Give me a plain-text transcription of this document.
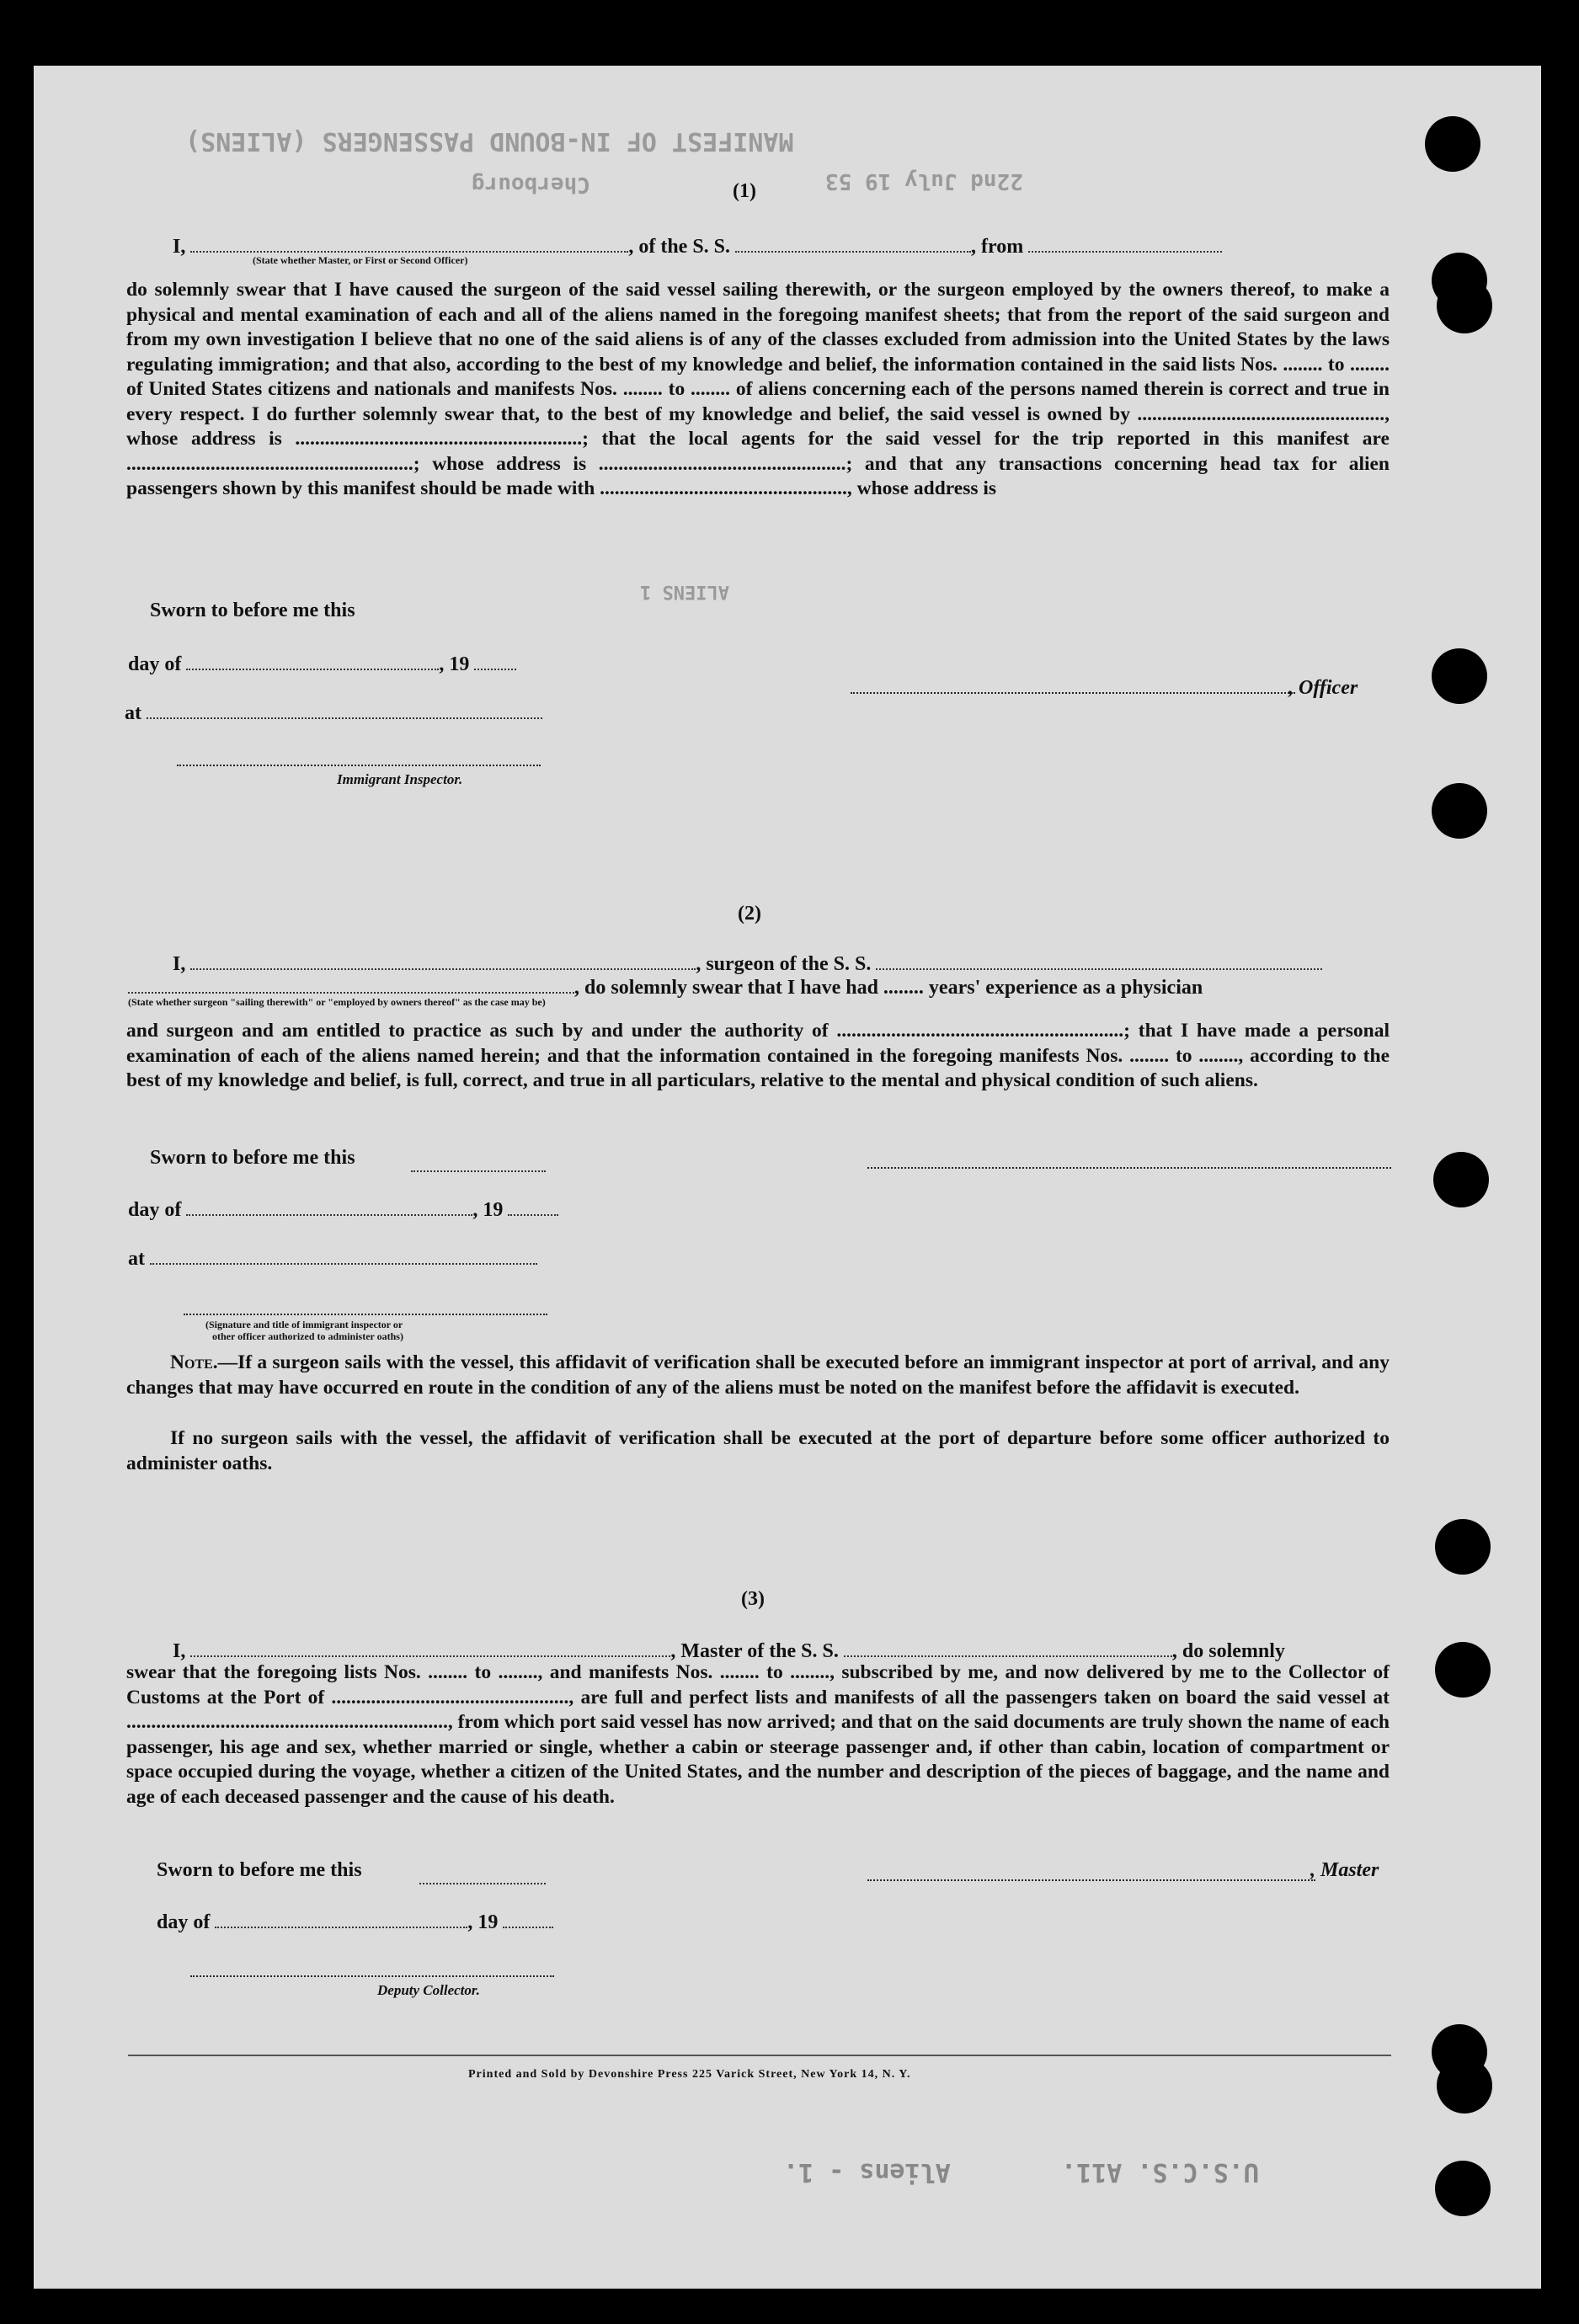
MANIFEST OF IN-BOUND PASSENGERS (ALIENS)
22nd July 19 53
Cherbourg
ALIENS 1
U.S.C.S. A11.
Aliens - 1.
(1)
I,	, of the S. S.	, from
(State whether Master, or First or Second Officer)
do solemnly swear that I have caused the surgeon of the said vessel sailing therewith, or the surgeon employed by the owners thereof, to make a physical and mental examination of each and all of the aliens named in the foregoing manifest sheets; that from the report of the said surgeon and from my own investigation I believe that no one of the said aliens is of any of the classes excluded from admission into the United States by the laws regulating immigration; and that also, according to the best of my knowledge and belief, the information contained in the said lists Nos. ........ to ........ of United States citizens and nationals and manifests Nos. ........ to ........ of aliens concerning each of the persons named therein is correct and true in every respect. I do further solemnly swear that, to the best of my knowledge and belief, the said vessel is owned by .................................................., whose address is ..........................................................; that the local agents for the said vessel for the trip reported in this manifest are ..........................................................; whose address is ..................................................; and that any transactions concerning head tax for alien passengers shown by this manifest should be made with .................................................., whose address is
Sworn to before me this
day of	, 19
at
, Officer
Immigrant Inspector.
(2)
I,	, surgeon of the S. S.
, do solemnly swear that I have had ........ years' experience as a physician
(State whether surgeon "sailing therewith" or "employed by owners thereof" as the case may be)
and surgeon and am entitled to practice as such by and under the authority of ..........................................................; that I have made a personal examination of each of the aliens named herein; and that the information contained in the foregoing manifests Nos. ........ to ........, according to the best of my knowledge and belief, is full, correct, and true in all particulars, relative to the mental and physical condition of such aliens.
Sworn to before me this
day of	, 19
at
(Signature and title of immigrant inspector or
other officer authorized to administer oaths)
Note.—If a surgeon sails with the vessel, this affidavit of verification shall be executed before an immigrant inspector at port of arrival, and any changes that may have occurred en route in the condition of any of the aliens must be noted on the manifest before the affidavit is executed.
If no surgeon sails with the vessel, the affidavit of verification shall be executed at the port of departure before some officer authorized to administer oaths.
(3)
I,	, Master of the S. S.	, do solemnly
swear that the foregoing lists Nos. ........ to ........, and manifests Nos. ........ to ........, subscribed by me, and now delivered by me to the Collector of Customs at the Port of ................................................, are full and perfect lists and manifests of all the passengers taken on board the said vessel at ................................................................., from which port said vessel has now arrived; and that on the said documents are truly shown the name of each passenger, his age and sex, whether married or single, whether a cabin or steerage passenger and, if other than cabin, location of compartment or space occupied during the voyage, whether a citizen of the United States, and the number and description of the pieces of baggage, and the name and age of each deceased passenger and the cause of his death.
Sworn to before me this	, Master
day of	, 19
Deputy Collector.
Printed and Sold by Devonshire Press 225 Varick Street, New York 14, N. Y.
